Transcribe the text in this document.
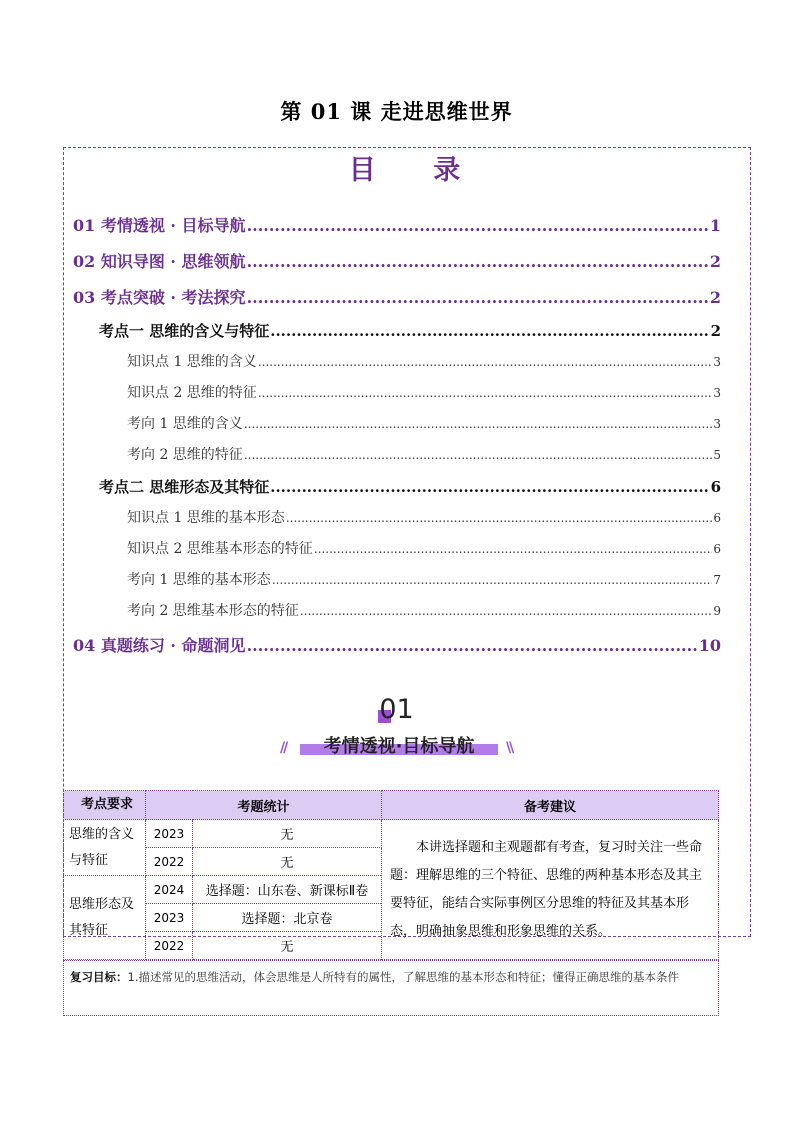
第 01 课 走进思维世界
目 录
01 考情透视 · 目标导航 .....	1
02 知识导图 · 思维领航 .....	2
03 考点突破 · 考法探究 .....	2
考点一 思维的含义与特征 .....	2
知识点 1 思维的含义 .....	3
知识点 2 思维的特征 .....	3
考向 1 思维的含义 .....	3
考向 2 思维的特征 .....	5
考点二 思维形态及其特征 .....	6
知识点 1 思维的基本形态 .....	6
知识点 2 思维基本形态的特征 .....	6
考向 1 思维的基本形态 .....	7
考向 2 思维基本形态的特征 .....	9
04 真题练习 · 命题洞见 .....	10
01
//	考情透视·目标导航	\\
考点要求	考题统计		备考建议
思维的含义与特征	2023	无	本讲选择题和主观题都有考查，复习时关注一些命题：理解思维的三个特征、思维的两种基本形态及其主要特征，能结合实际事例区分思维的特征及其基本形态，明确抽象思维和形象思维的关系。
	2022	无	
思维形态及其特征	2024	选择题：山东卷、新课标Ⅱ卷	
	2023	选择题：北京卷	
	2022	无	
复习目标：1.描述常见的思维活动，体会思维是人所特有的属性，了解思维的基本形态和特征；懂得正确思维的基本条件
